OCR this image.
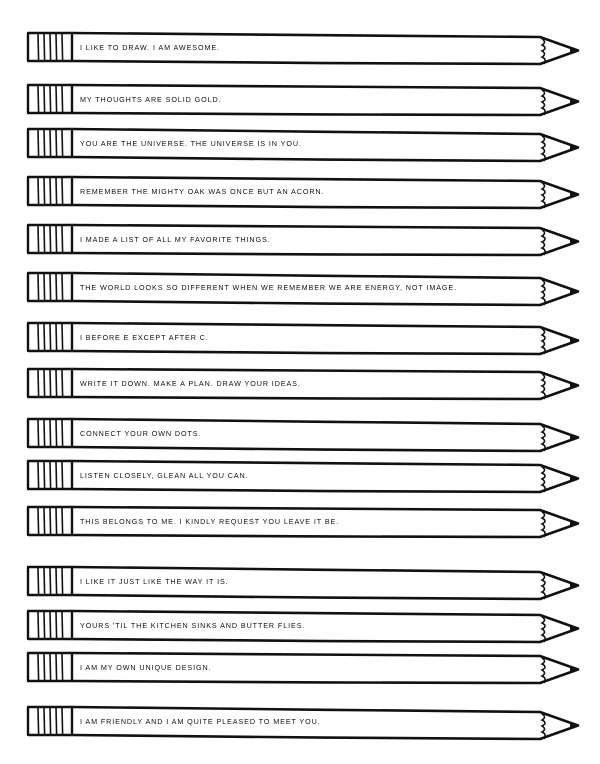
I LIKE TO DRAW. I AM AWESOME.
MY THOUGHTS ARE SOLID GOLD.
YOU ARE THE UNIVERSE. THE UNIVERSE IS IN YOU.
REMEMBER THE MIGHTY OAK WAS ONCE BUT AN ACORN.
I MADE A LIST OF ALL MY FAVORITE THINGS.
THE WORLD LOOKS SO DIFFERENT WHEN WE REMEMBER WE ARE ENERGY, NOT IMAGE.
I BEFORE E EXCEPT AFTER C.
WRITE IT DOWN. MAKE A PLAN. DRAW YOUR IDEAS.
CONNECT YOUR OWN DOTS.
LISTEN CLOSELY, GLEAN ALL YOU CAN.
THIS BELONGS TO ME. I KINDLY REQUEST YOU LEAVE IT BE.
I LIKE IT JUST LIKE THE WAY IT IS.
YOURS 'TIL THE KITCHEN SINKS AND BUTTER FLIES.
I AM MY OWN UNIQUE DESIGN.
I AM FRIENDLY AND I AM QUITE PLEASED TO MEET YOU.
